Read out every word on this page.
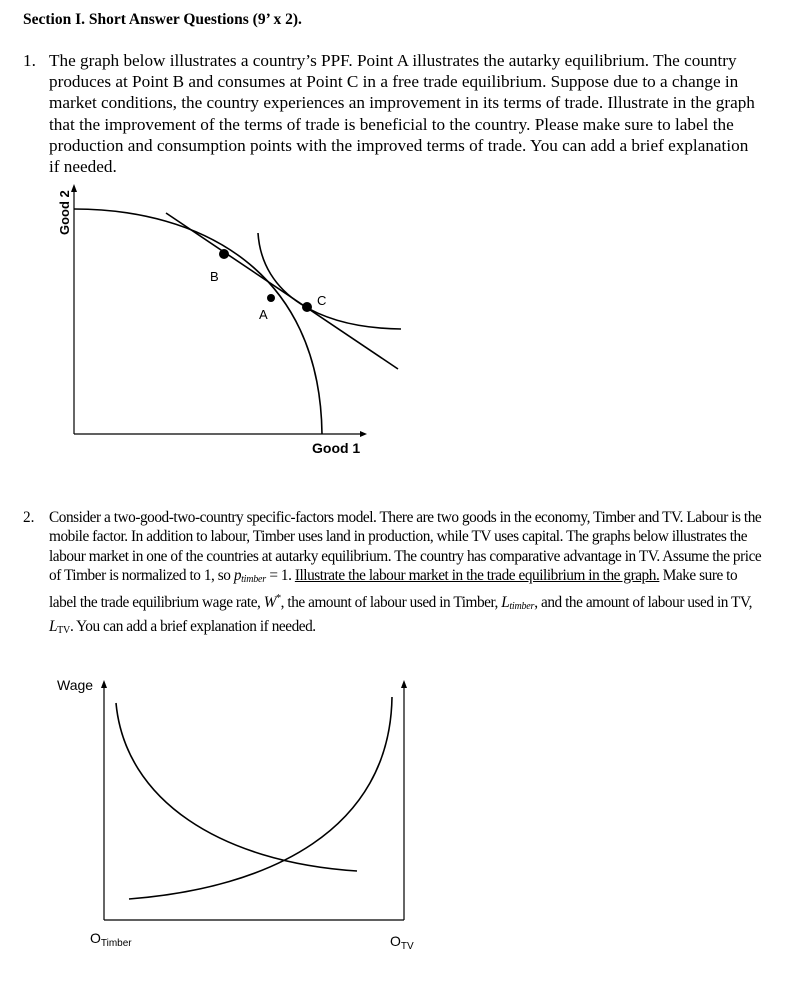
Section I. Short Answer Questions (9’ x 2).
1. The graph below illustrates a country’s PPF. Point A illustrates the autarky equilibrium. The country produces at Point B and consumes at Point C in a free trade equilibrium. Suppose due to a change in market conditions, the country experiences an improvement in its terms of trade. Illustrate in the graph that the improvement of the terms of trade is beneficial to the country. Please make sure to label the production and consumption points with the improved terms of trade. You can add a brief explanation if needed.
Good 2
Good 1
B
A
C
Wage
$O_{Timber}$	$O_{TV}$
2. Consider a two-good-two-country specific-factors model. There are two goods in the economy, Timber and TV. Labour is the mobile factor. In addition to labour, Timber uses land in production, while TV uses capital. The graphs below illustrates the labour market in one of the countries at autarky equilibrium. The country has comparative advantage in TV. Assume the price of Timber is normalized to 1, so $p_{timber} = 1$. Illustrate the labour market in the trade equilibrium in the graph. Make sure to label the trade equilibrium wage rate, W*, the amount of labour used in Timber, $L_{timber}$, and the amount of labour used in TV, $L_{TV}$. You can add a brief explanation if needed.
